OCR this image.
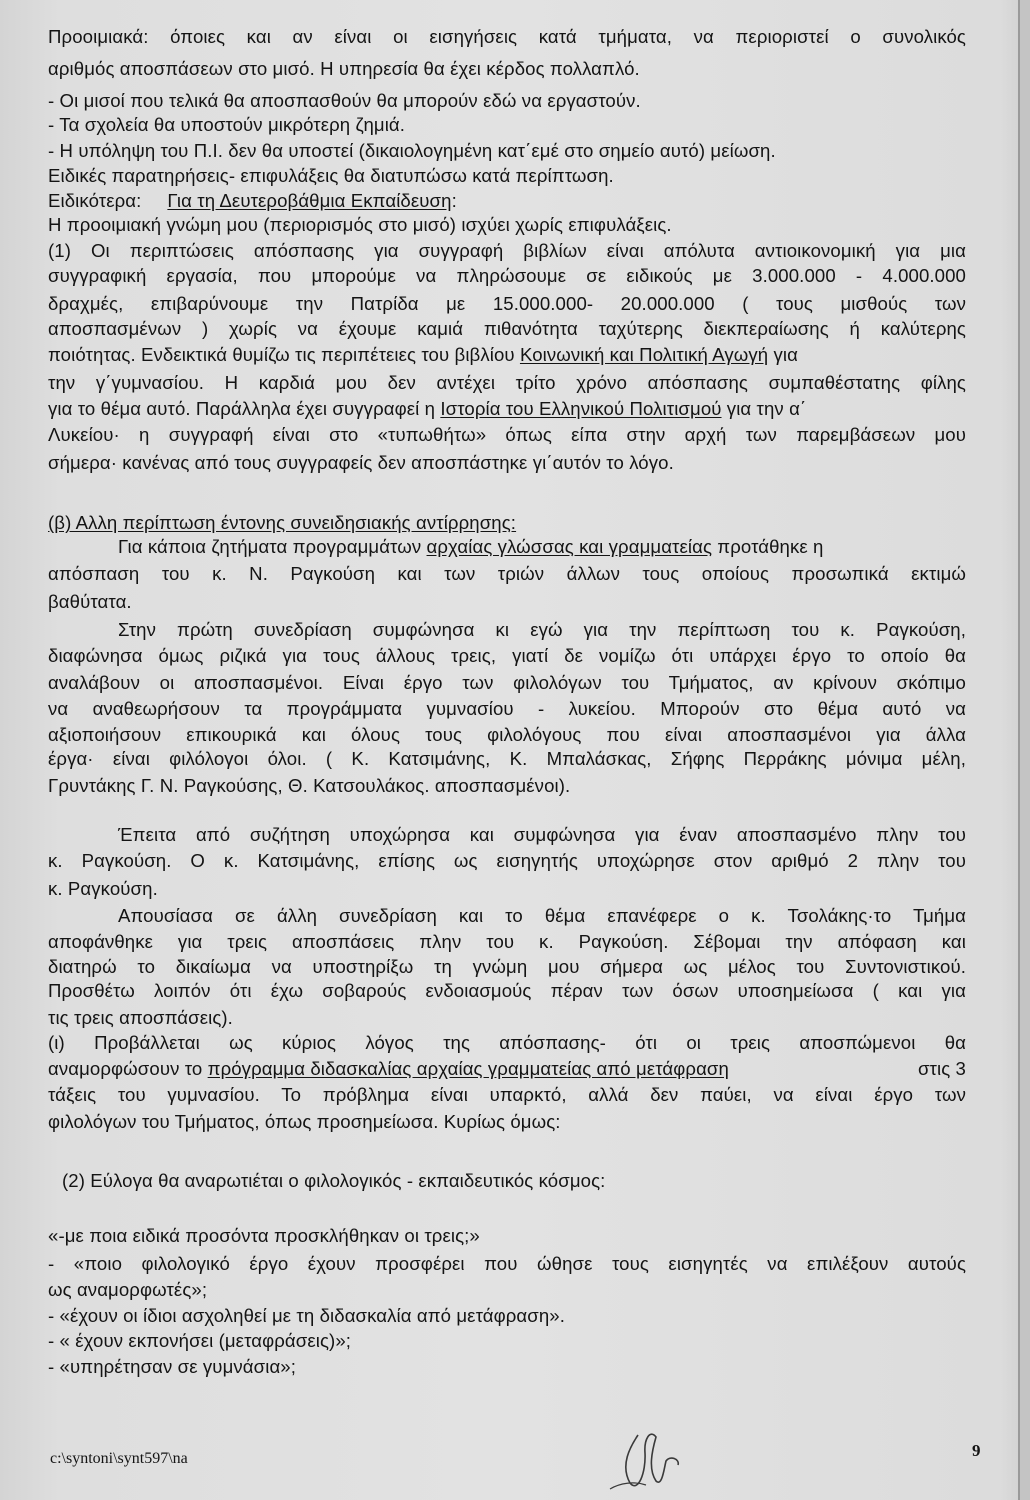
Προοιμιακά: όποιες και αν είναι οι εισηγήσεις κατά τμήματα, να περιοριστεί ο συνολικός
αριθμός αποσπάσεων στο μισό. Η υπηρεσία θα έχει κέρδος πολλαπλό.
- Οι μισοί που τελικά θα αποσπασθούν θα μπορούν εδώ να εργαστούν.
- Τα σχολεία θα υποστούν μικρότερη ζημιά.
- Η υπόληψη του Π.Ι. δεν θα υποστεί (δικαιολογημένη κατ΄εμέ στο σημείο αυτό) μείωση.
Ειδικές παρατηρήσεις- επιφυλάξεις θα διατυπώσω κατά περίπτωση.
Ειδικότερα: Για τη Δευτεροβάθμια Εκπαίδευση:
Η προοιμιακή γνώμη μου (περιορισμός στο μισό) ισχύει χωρίς επιφυλάξεις.
(1) Οι περιπτώσεις απόσπασης για συγγραφή βιβλίων είναι απόλυτα αντιοικονομική για μια
συγγραφική εργασία, που μπορούμε να πληρώσουμε σε ειδικούς με 3.000.000 - 4.000.000
δραχμές, επιβαρύνουμε την Πατρίδα με 15.000.000- 20.000.000 ( τους μισθούς των
αποσπασμένων ) χωρίς να έχουμε καμιά πιθανότητα ταχύτερης διεκπεραίωσης ή καλύτερης
ποιότητας. Ενδεικτικά θυμίζω τις περιπέτειες του βιβλίου Κοινωνική και Πολιτική Αγωγή για
την γ΄γυμνασίου. Η καρδιά μου δεν αντέχει τρίτο χρόνο απόσπασης συμπαθέστατης φίλης
για το θέμα αυτό. Παράλληλα έχει συγγραφεί η Ιστορία του Ελληνικού Πολιτισμού για την α΄
Λυκείου· η συγγραφή είναι στο «τυπωθήτω» όπως είπα στην αρχή των παρεμβάσεων μου
σήμερα· κανένας από τους συγγραφείς δεν αποσπάστηκε γι΄αυτόν το λόγο.
(β) Αλλη περίπτωση έντονης συνειδησιακής αντίρρησης:
Για κάποια ζητήματα προγραμμάτων αρχαίας γλώσσας και γραμματείας προτάθηκε η
απόσπαση του κ. Ν. Ραγκούση και των τριών άλλων τους οποίους προσωπικά εκτιμώ
βαθύτατα.
Στην πρώτη συνεδρίαση συμφώνησα κι εγώ για την περίπτωση του κ. Ραγκούση,
διαφώνησα όμως ριζικά για τους άλλους τρεις, γιατί δε νομίζω ότι υπάρχει έργο το οποίο θα
αναλάβουν οι αποσπασμένοι. Είναι έργο των φιλολόγων του Τμήματος, αν κρίνουν σκόπιμο
να αναθεωρήσουν τα προγράμματα γυμνασίου - λυκείου. Μπορούν στο θέμα αυτό να
αξιοποιήσουν επικουρικά και όλους τους φιλολόγους που είναι αποσπασμένοι για άλλα
έργα· είναι φιλόλογοι όλοι. ( Κ. Κατσιμάνης, Κ. Μπαλάσκας, Σήφης Περράκης μόνιμα μέλη,
Γρυντάκης Γ. Ν. Ραγκούσης, Θ. Κατσουλάκος. αποσπασμένοι).
Έπειτα από συζήτηση υποχώρησα και συμφώνησα για έναν αποσπασμένο πλην του
κ. Ραγκούση. Ο κ. Κατσιμάνης, επίσης ως εισηγητής υποχώρησε στον αριθμό 2 πλην του
κ. Ραγκούση.
Απουσίασα σε άλλη συνεδρίαση και το θέμα επανέφερε ο κ. Τσολάκης·το Τμήμα
αποφάνθηκε για τρεις αποσπάσεις πλην του κ. Ραγκούση. Σέβομαι την απόφαση και
διατηρώ το δικαίωμα να υποστηρίξω τη γνώμη μου σήμερα ως μέλος του Συντονιστικού.
Προσθέτω λοιπόν ότι έχω σοβαρούς ενδοιασμούς πέραν των όσων υποσημείωσα ( και για
τις τρεις αποσπάσεις).
(ι) Προβάλλεται ως κύριος λόγος της απόσπασης- ότι οι τρεις αποσπώμενοι θα
αναμορφώσουν το πρόγραμμα διδασκαλίας αρχαίας γραμματείας από μετάφραση	στις 3
τάξεις του γυμνασίου. Το πρόβλημα είναι υπαρκτό, αλλά δεν παύει, να είναι έργο των
φιλολόγων του Τμήματος, όπως προσημείωσα. Κυρίως όμως:
(2) Εύλογα θα αναρωτιέται ο φιλολογικός - εκπαιδευτικός κόσμος:
«-με ποια ειδικά προσόντα προσκλήθηκαν οι τρεις;»
- «ποιο φιλολογικό έργο έχουν προσφέρει που ώθησε τους εισηγητές να επιλέξουν αυτούς
ως αναμορφωτές»;
- «έχουν οι ίδιοι ασχοληθεί με τη διδασκαλία από μετάφραση».
- « έχουν εκπονήσει (μεταφράσεις)»;
- «υπηρέτησαν σε γυμνάσια»;
c:\syntoni\synt597\na	9
